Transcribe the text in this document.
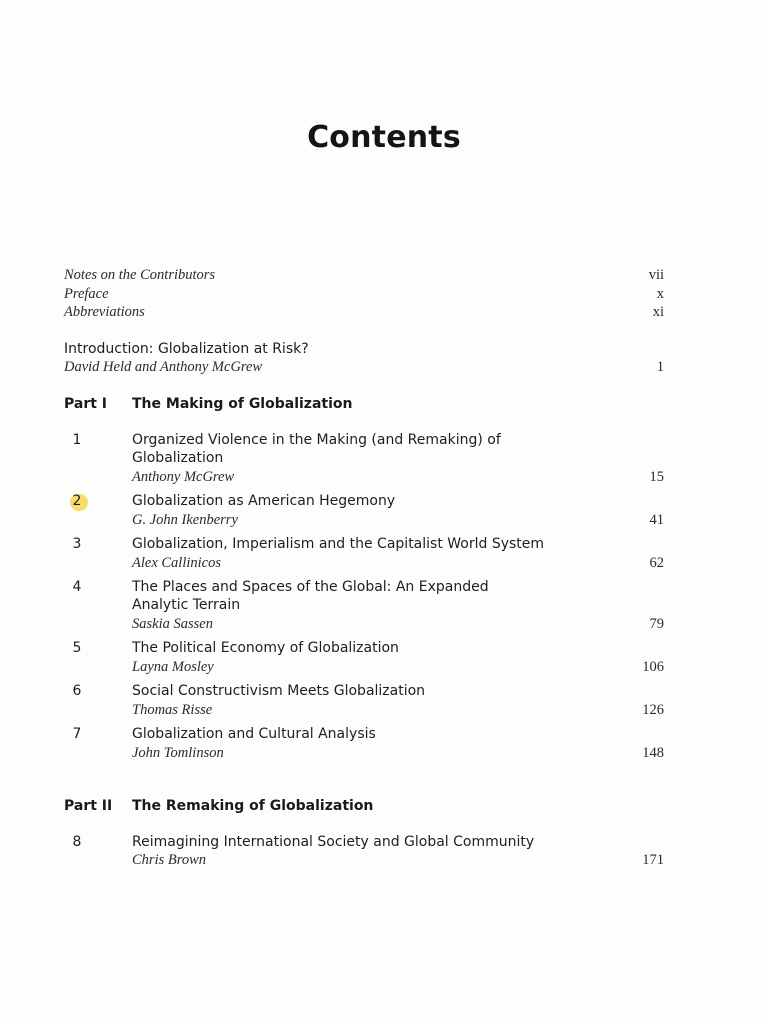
Contents
Notes on the Contributors	vii
Preface	x
Abbreviations	xi
Introduction: Globalization at Risk?
David Held and Anthony McGrew	1
Part I The Making of Globalization
1	Organized Violence in the Making (and Remaking) of
Globalization
Anthony McGrew	15
2	Globalization as American Hegemony
G. John Ikenberry	41
3	Globalization, Imperialism and the Capitalist World System
Alex Callinicos	62
4	The Places and Spaces of the Global: An Expanded
Analytic Terrain
Saskia Sassen	79
5	The Political Economy of Globalization
Layna Mosley	106
6	Social Constructivism Meets Globalization
Thomas Risse	126
7	Globalization and Cultural Analysis
John Tomlinson	148
Part II The Remaking of Globalization
8	Reimagining International Society and Global Community
Chris Brown	171
